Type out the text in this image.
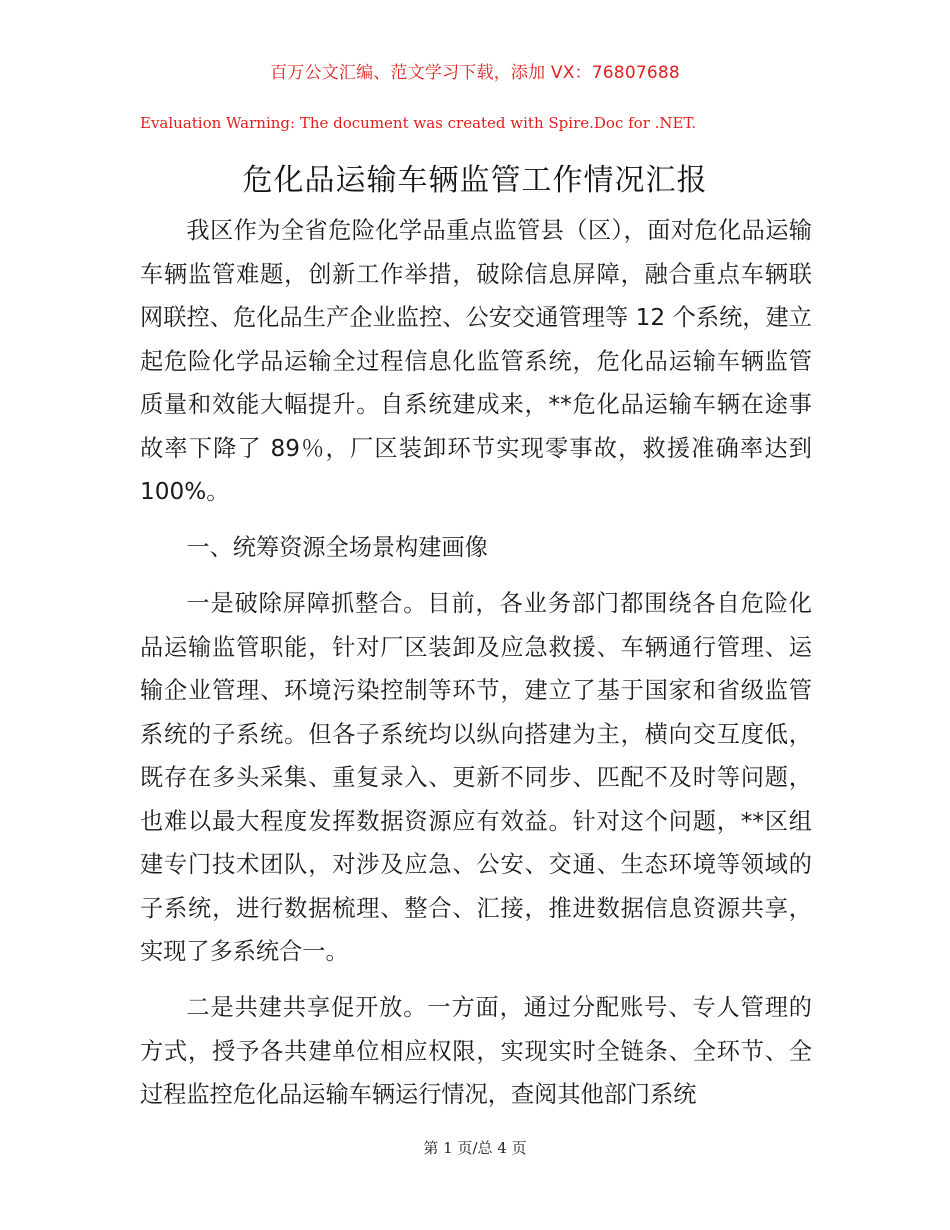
百万公文汇编、范文学习下载，添加 VX：76807688
Evaluation Warning: The document was created with Spire.Doc for .NET.
危化品运输车辆监管工作情况汇报

我区作为全省危险化学品重点监管县（区），面对危化品运输车辆监管难题，创新工作举措，破除信息屏障，融合重点车辆联网联控、危化品生产企业监控、公安交通管理等 12 个系统，建立起危险化学品运输全过程信息化监管系统，危化品运输车辆监管质量和效能大幅提升。自系统建成来，**危化品运输车辆在途事故率下降了 89％，厂区装卸环节实现零事故，救援准确率达到 100%。

一、统筹资源全场景构建画像

一是破除屏障抓整合。目前，各业务部门都围绕各自危险化品运输监管职能，针对厂区装卸及应急救援、车辆通行管理、运输企业管理、环境污染控制等环节，建立了基于国家和省级监管系统的子系统。但各子系统均以纵向搭建为主，横向交互度低，既存在多头采集、重复录入、更新不同步、匹配不及时等问题，也难以最大程度发挥数据资源应有效益。针对这个问题，**区组建专门技术团队，对涉及应急、公安、交通、生态环境等领域的子系统，进行数据梳理、整合、汇接，推进数据信息资源共享，实现了多系统合一。

二是共建共享促开放。一方面，通过分配账号、专人管理的方式，授予各共建单位相应权限，实现实时全链条、全环节、全过程监控危化品运输车辆运行情况，查阅其他部门系统

第 1 页/总 4 页
